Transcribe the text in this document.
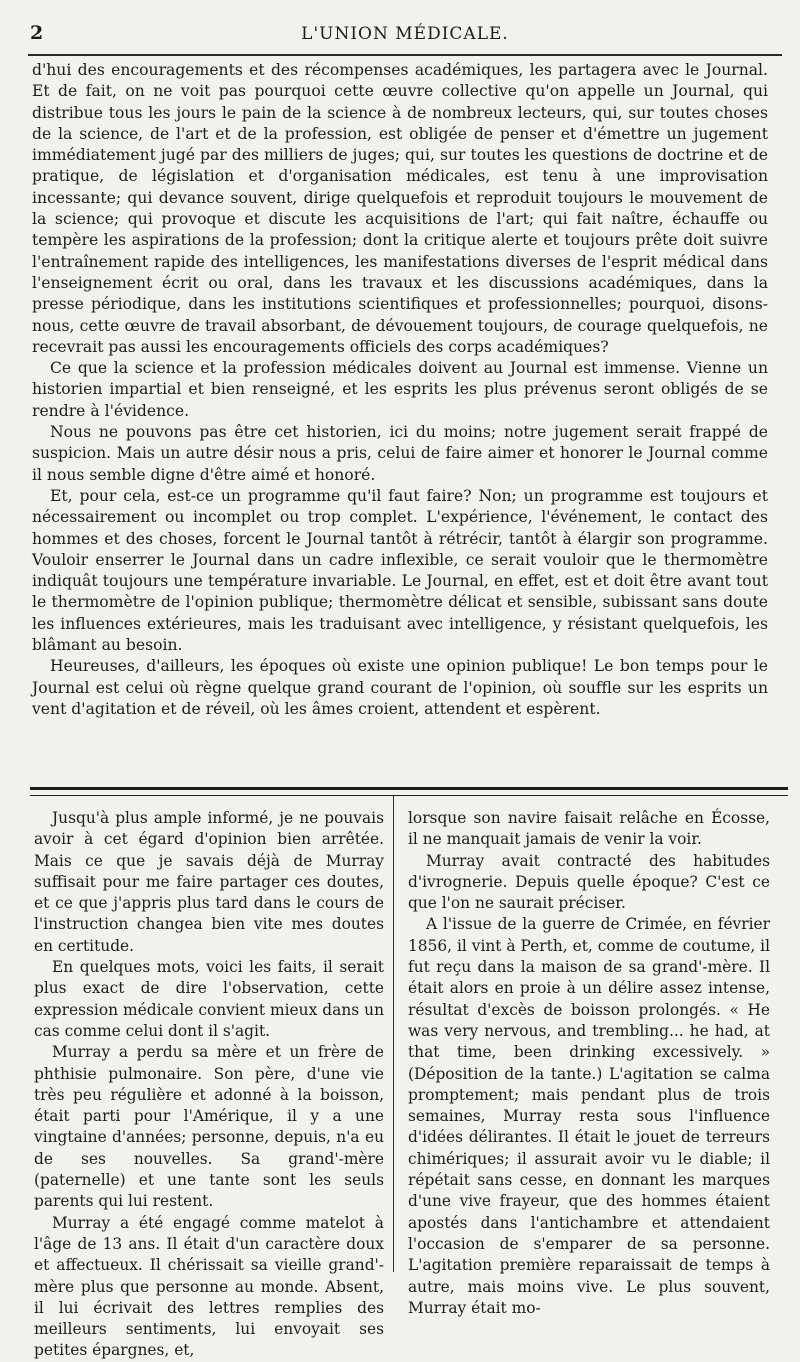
2	L'UNION MÉDICALE.

d'hui des encouragements et des récompenses académiques, les partagera avec le Journal. Et de fait, on ne voit pas pourquoi cette œuvre collective qu'on appelle un Journal, qui distribue tous les jours le pain de la science à de nombreux lecteurs, qui, sur toutes choses de la science, de l'art et de la profession, est obligée de penser et d'émettre un jugement immédiatement jugé par des milliers de juges; qui, sur toutes les questions de doctrine et de pratique, de législation et d'organisation médicales, est tenu à une improvisation incessante; qui devance souvent, dirige quelquefois et reproduit toujours le mouvement de la science; qui provoque et discute les acquisitions de l'art; qui fait naître, échauffe ou tempère les aspirations de la profession; dont la critique alerte et toujours prête doit suivre l'entraînement rapide des intelligences, les manifestations diverses de l'esprit médical dans l'enseignement écrit ou oral, dans les travaux et les discussions académiques, dans la presse périodique, dans les institutions scientifiques et professionnelles; pourquoi, disons-nous, cette œuvre de travail absorbant, de dévouement toujours, de courage quelquefois, ne recevrait pas aussi les encouragements officiels des corps académiques?

Ce que la science et la profession médicales doivent au Journal est immense. Vienne un historien impartial et bien renseigné, et les esprits les plus prévenus seront obligés de se rendre à l'évidence.

Nous ne pouvons pas être cet historien, ici du moins; notre jugement serait frappé de suspicion. Mais un autre désir nous a pris, celui de faire aimer et honorer le Journal comme il nous semble digne d'être aimé et honoré.

Et, pour cela, est-ce un programme qu'il faut faire? Non; un programme est toujours et nécessairement ou incomplet ou trop complet. L'expérience, l'événement, le contact des hommes et des choses, forcent le Journal tantôt à rétrécir, tantôt à élargir son programme. Vouloir enserrer le Journal dans un cadre inflexible, ce serait vouloir que le thermomètre indiquât toujours une température invariable. Le Journal, en effet, est et doit être avant tout le thermomètre de l'opinion publique; thermomètre délicat et sensible, subissant sans doute les influences extérieures, mais les traduisant avec intelligence, y résistant quelquefois, les blâmant au besoin.

Heureuses, d'ailleurs, les époques où existe une opinion publique! Le bon temps pour le Journal est celui où règne quelque grand courant de l'opinion, où souffle sur les esprits un vent d'agitation et de réveil, où les âmes croient, attendent et espèrent.

Jusqu'à plus ample informé, je ne pouvais avoir à cet égard d'opinion bien arrêtée. Mais ce que je savais déjà de Murray suffisait pour me faire partager ces doutes, et ce que j'appris plus tard dans le cours de l'instruction changea bien vite mes doutes en certitude.

En quelques mots, voici les faits, il serait plus exact de dire l'observation, cette expression médicale convient mieux dans un cas comme celui dont il s'agit.

Murray a perdu sa mère et un frère de phthisie pulmonaire. Son père, d'une vie très peu régulière et adonné à la boisson, était parti pour l'Amérique, il y a une vingtaine d'années; personne, depuis, n'a eu de ses nouvelles. Sa grand'-mère (paternelle) et une tante sont les seuls parents qui lui restent.

Murray a été engagé comme matelot à l'âge de 13 ans. Il était d'un caractère doux et affectueux. Il chérissait sa vieille grand'-mère plus que personne au monde. Absent, il lui écrivait des lettres remplies des meilleurs sentiments, lui envoyait ses petites épargnes, et,

lorsque son navire faisait relâche en Écosse, il ne manquait jamais de venir la voir.

Murray avait contracté des habitudes d'ivrognerie. Depuis quelle époque? C'est ce que l'on ne saurait préciser.

A l'issue de la guerre de Crimée, en février 1856, il vint à Perth, et, comme de coutume, il fut reçu dans la maison de sa grand'-mère. Il était alors en proie à un délire assez intense, résultat d'excès de boisson prolongés. « He was very nervous, and trembling... he had, at that time, been drinking excessively. » (Déposition de la tante.) L'agitation se calma promptement; mais pendant plus de trois semaines, Murray resta sous l'influence d'idées délirantes. Il était le jouet de terreurs chimériques; il assurait avoir vu le diable; il répétait sans cesse, en donnant les marques d'une vive frayeur, que des hommes étaient apostés dans l'antichambre et attendaient l'occasion de s'emparer de sa personne. L'agitation première reparaissait de temps à autre, mais moins vive. Le plus souvent, Murray était mo-
